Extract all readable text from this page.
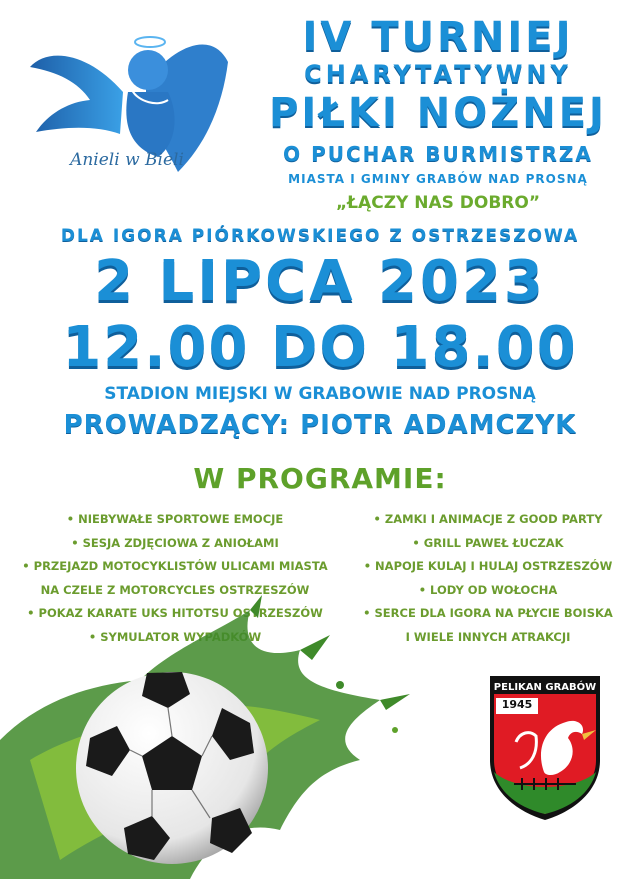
Anieli w Bieli
IV TURNIEJ
CHARYTATYWNY
PIŁKI NOŻNEJ
O PUCHAR BURMISTRZA
MIASTA I GMINY GRABÓW NAD PROSNĄ
„ŁĄCZY NAS DOBRO”
DLA IGORA PIÓRKOWSKIEGO Z OSTRZESZOWA
2 LIPCA 2023
12.00 DO 18.00
STADION MIEJSKI W GRABOWIE NAD PROSNĄ
PROWADZĄCY: PIOTR ADAMCZYK
W PROGRAMIE:
• NIEBYWAŁE SPORTOWE EMOCJE
• SESJA ZDJĘCIOWA Z ANIOŁAMI
• PRZEJAZD MOTOCYKLISTÓW ULICAMI MIASTA
NA CZELE Z MOTORCYCLES OSTRZESZÓW
• POKAZ KARATE UKS HITOTSU OSTRZESZÓW
• SYMULATOR WYPADKÓW
• ZAMKI I ANIMACJE Z GOOD PARTY
• GRILL PAWEŁ ŁUCZAK
• NAPOJE KULAJ I HULAJ OSTRZESZÓW
• LODY OD WOŁOCHA
• SERCE DLA IGORA NA PŁYCIE BOISKA
I WIELE INNYCH ATRAKCJI
PELIKAN GRABÓW
1945
